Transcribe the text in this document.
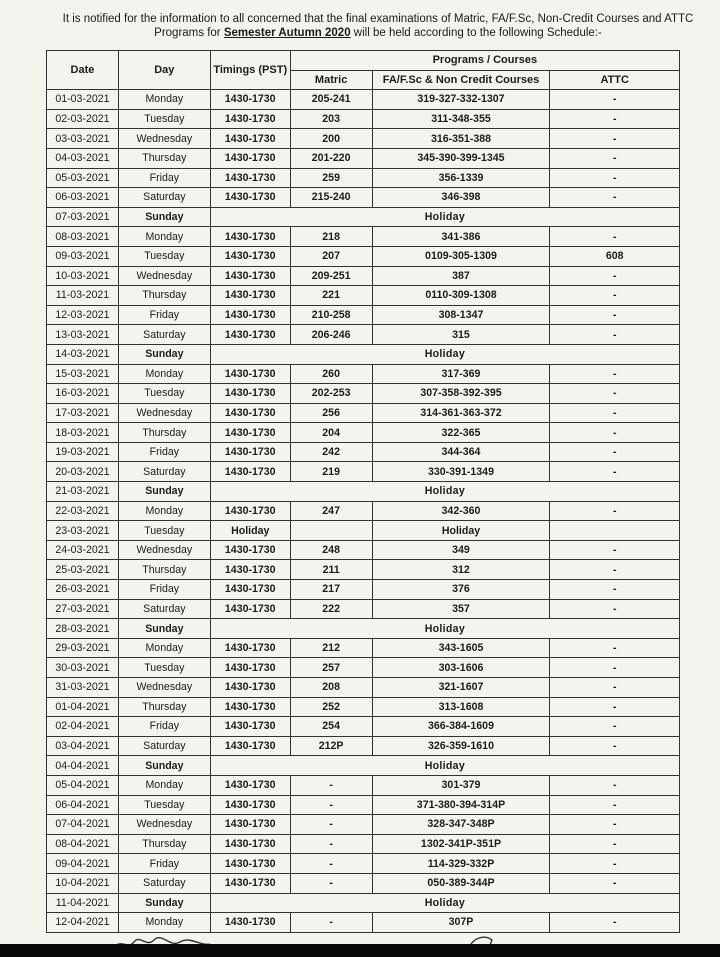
It is notified for the information to all concerned that the final examinations of Matric, FA/F.Sc, Non-Credit Courses and ATTC Programs for Semester Autumn 2020 will be held according to the following Schedule:-
Date	Day	Timings (PST)	Programs / Courses		
			Matric	FA/F.Sc & Non Credit Courses	ATTC
01-03-2021	Monday	1430-1730	205-241	319-327-332-1307	-
02-03-2021	Tuesday	1430-1730	203	311-348-355	-
03-03-2021	Wednesday	1430-1730	200	316-351-388	-
04-03-2021	Thursday	1430-1730	201-220	345-390-399-1345	-
05-03-2021	Friday	1430-1730	259	356-1339	-
06-03-2021	Saturday	1430-1730	215-240	346-398	-
07-03-2021	Sunday	Holiday			
08-03-2021	Monday	1430-1730	218	341-386	-
09-03-2021	Tuesday	1430-1730	207	0109-305-1309	608
10-03-2021	Wednesday	1430-1730	209-251	387	-
11-03-2021	Thursday	1430-1730	221	0110-309-1308	-
12-03-2021	Friday	1430-1730	210-258	308-1347	-
13-03-2021	Saturday	1430-1730	206-246	315	-
14-03-2021	Sunday	Holiday			
15-03-2021	Monday	1430-1730	260	317-369	-
16-03-2021	Tuesday	1430-1730	202-253	307-358-392-395	-
17-03-2021	Wednesday	1430-1730	256	314-361-363-372	-
18-03-2021	Thursday	1430-1730	204	322-365	-
19-03-2021	Friday	1430-1730	242	344-364	-
20-03-2021	Saturday	1430-1730	219	330-391-1349	-
21-03-2021	Sunday	Holiday			
22-03-2021	Monday	1430-1730	247	342-360	-
23-03-2021	Tuesday	Holiday		Holiday	
24-03-2021	Wednesday	1430-1730	248	349	-
25-03-2021	Thursday	1430-1730	211	312	-
26-03-2021	Friday	1430-1730	217	376	-
27-03-2021	Saturday	1430-1730	222	357	-
28-03-2021	Sunday	Holiday			
29-03-2021	Monday	1430-1730	212	343-1605	-
30-03-2021	Tuesday	1430-1730	257	303-1606	-
31-03-2021	Wednesday	1430-1730	208	321-1607	-
01-04-2021	Thursday	1430-1730	252	313-1608	-
02-04-2021	Friday	1430-1730	254	366-384-1609	-
03-04-2021	Saturday	1430-1730	212P	326-359-1610	-
04-04-2021	Sunday	Holiday			
05-04-2021	Monday	1430-1730	-	301-379	-
06-04-2021	Tuesday	1430-1730	-	371-380-394-314P	-
07-04-2021	Wednesday	1430-1730	-	328-347-348P	-
08-04-2021	Thursday	1430-1730	-	1302-341P-351P	-
09-04-2021	Friday	1430-1730	-	114-329-332P	-
10-04-2021	Saturday	1430-1730	-	050-389-344P	-
11-04-2021	Sunday	Holiday			
12-04-2021	Monday	1430-1730	-	307P	-
